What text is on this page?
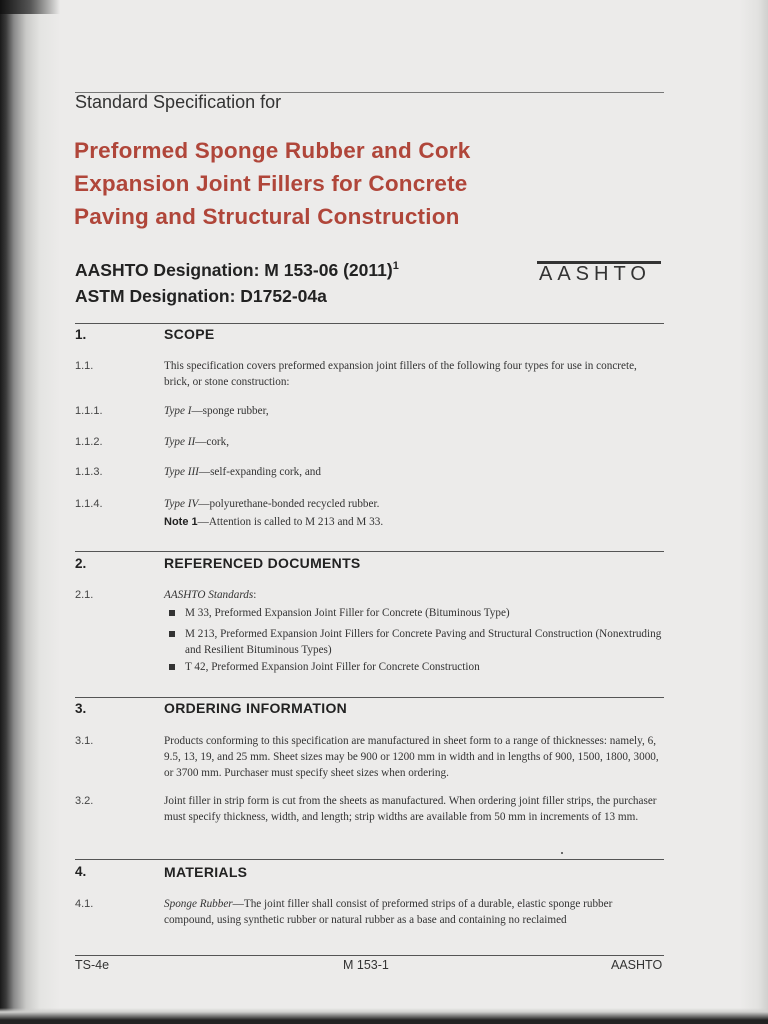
Standard Specification for
Preformed Sponge Rubber and Cork
Expansion Joint Fillers for Concrete
Paving and Structural Construction
AASHTO Designation: M 153-06 $(2011)^1$
ASTM Designation: D1752-04a
AASHTO
1.	SCOPE
1.1.	This specification covers preformed expansion joint fillers of the following four types for use in concrete, brick, or stone construction:
1.1.1.	Type I—sponge rubber,
1.1.2.	Type II—cork,
1.1.3.	Type III—self-expanding cork, and
1.1.4.	Type IV—polyurethane-bonded recycled rubber.
Note 1—Attention is called to M 213 and M 33.
2.	REFERENCED DOCUMENTS
2.1.	AASHTO Standards:
M 33, Preformed Expansion Joint Filler for Concrete (Bituminous Type)
M 213, Preformed Expansion Joint Fillers for Concrete Paving and Structural Construction (Nonextruding and Resilient Bituminous Types)
T 42, Preformed Expansion Joint Filler for Concrete Construction
3.	ORDERING INFORMATION
3.1.	Products conforming to this specification are manufactured in sheet form to a range of thicknesses: namely, 6, 9.5, 13, 19, and 25 mm. Sheet sizes may be 900 or 1200 mm in width and in lengths of 900, 1500, 1800, 3000, or 3700 mm. Purchaser must specify sheet sizes when ordering.
3.2.	Joint filler in strip form is cut from the sheets as manufactured. When ordering joint filler strips, the purchaser must specify thickness, width, and length; strip widths are available from 50 mm in increments of 13 mm.
4.	MATERIALS
4.1.	Sponge Rubber—The joint filler shall consist of preformed strips of a durable, elastic sponge rubber compound, using synthetic rubber or natural rubber as a base and containing no reclaimed
TS-4e	M 153-1	AASHTO
